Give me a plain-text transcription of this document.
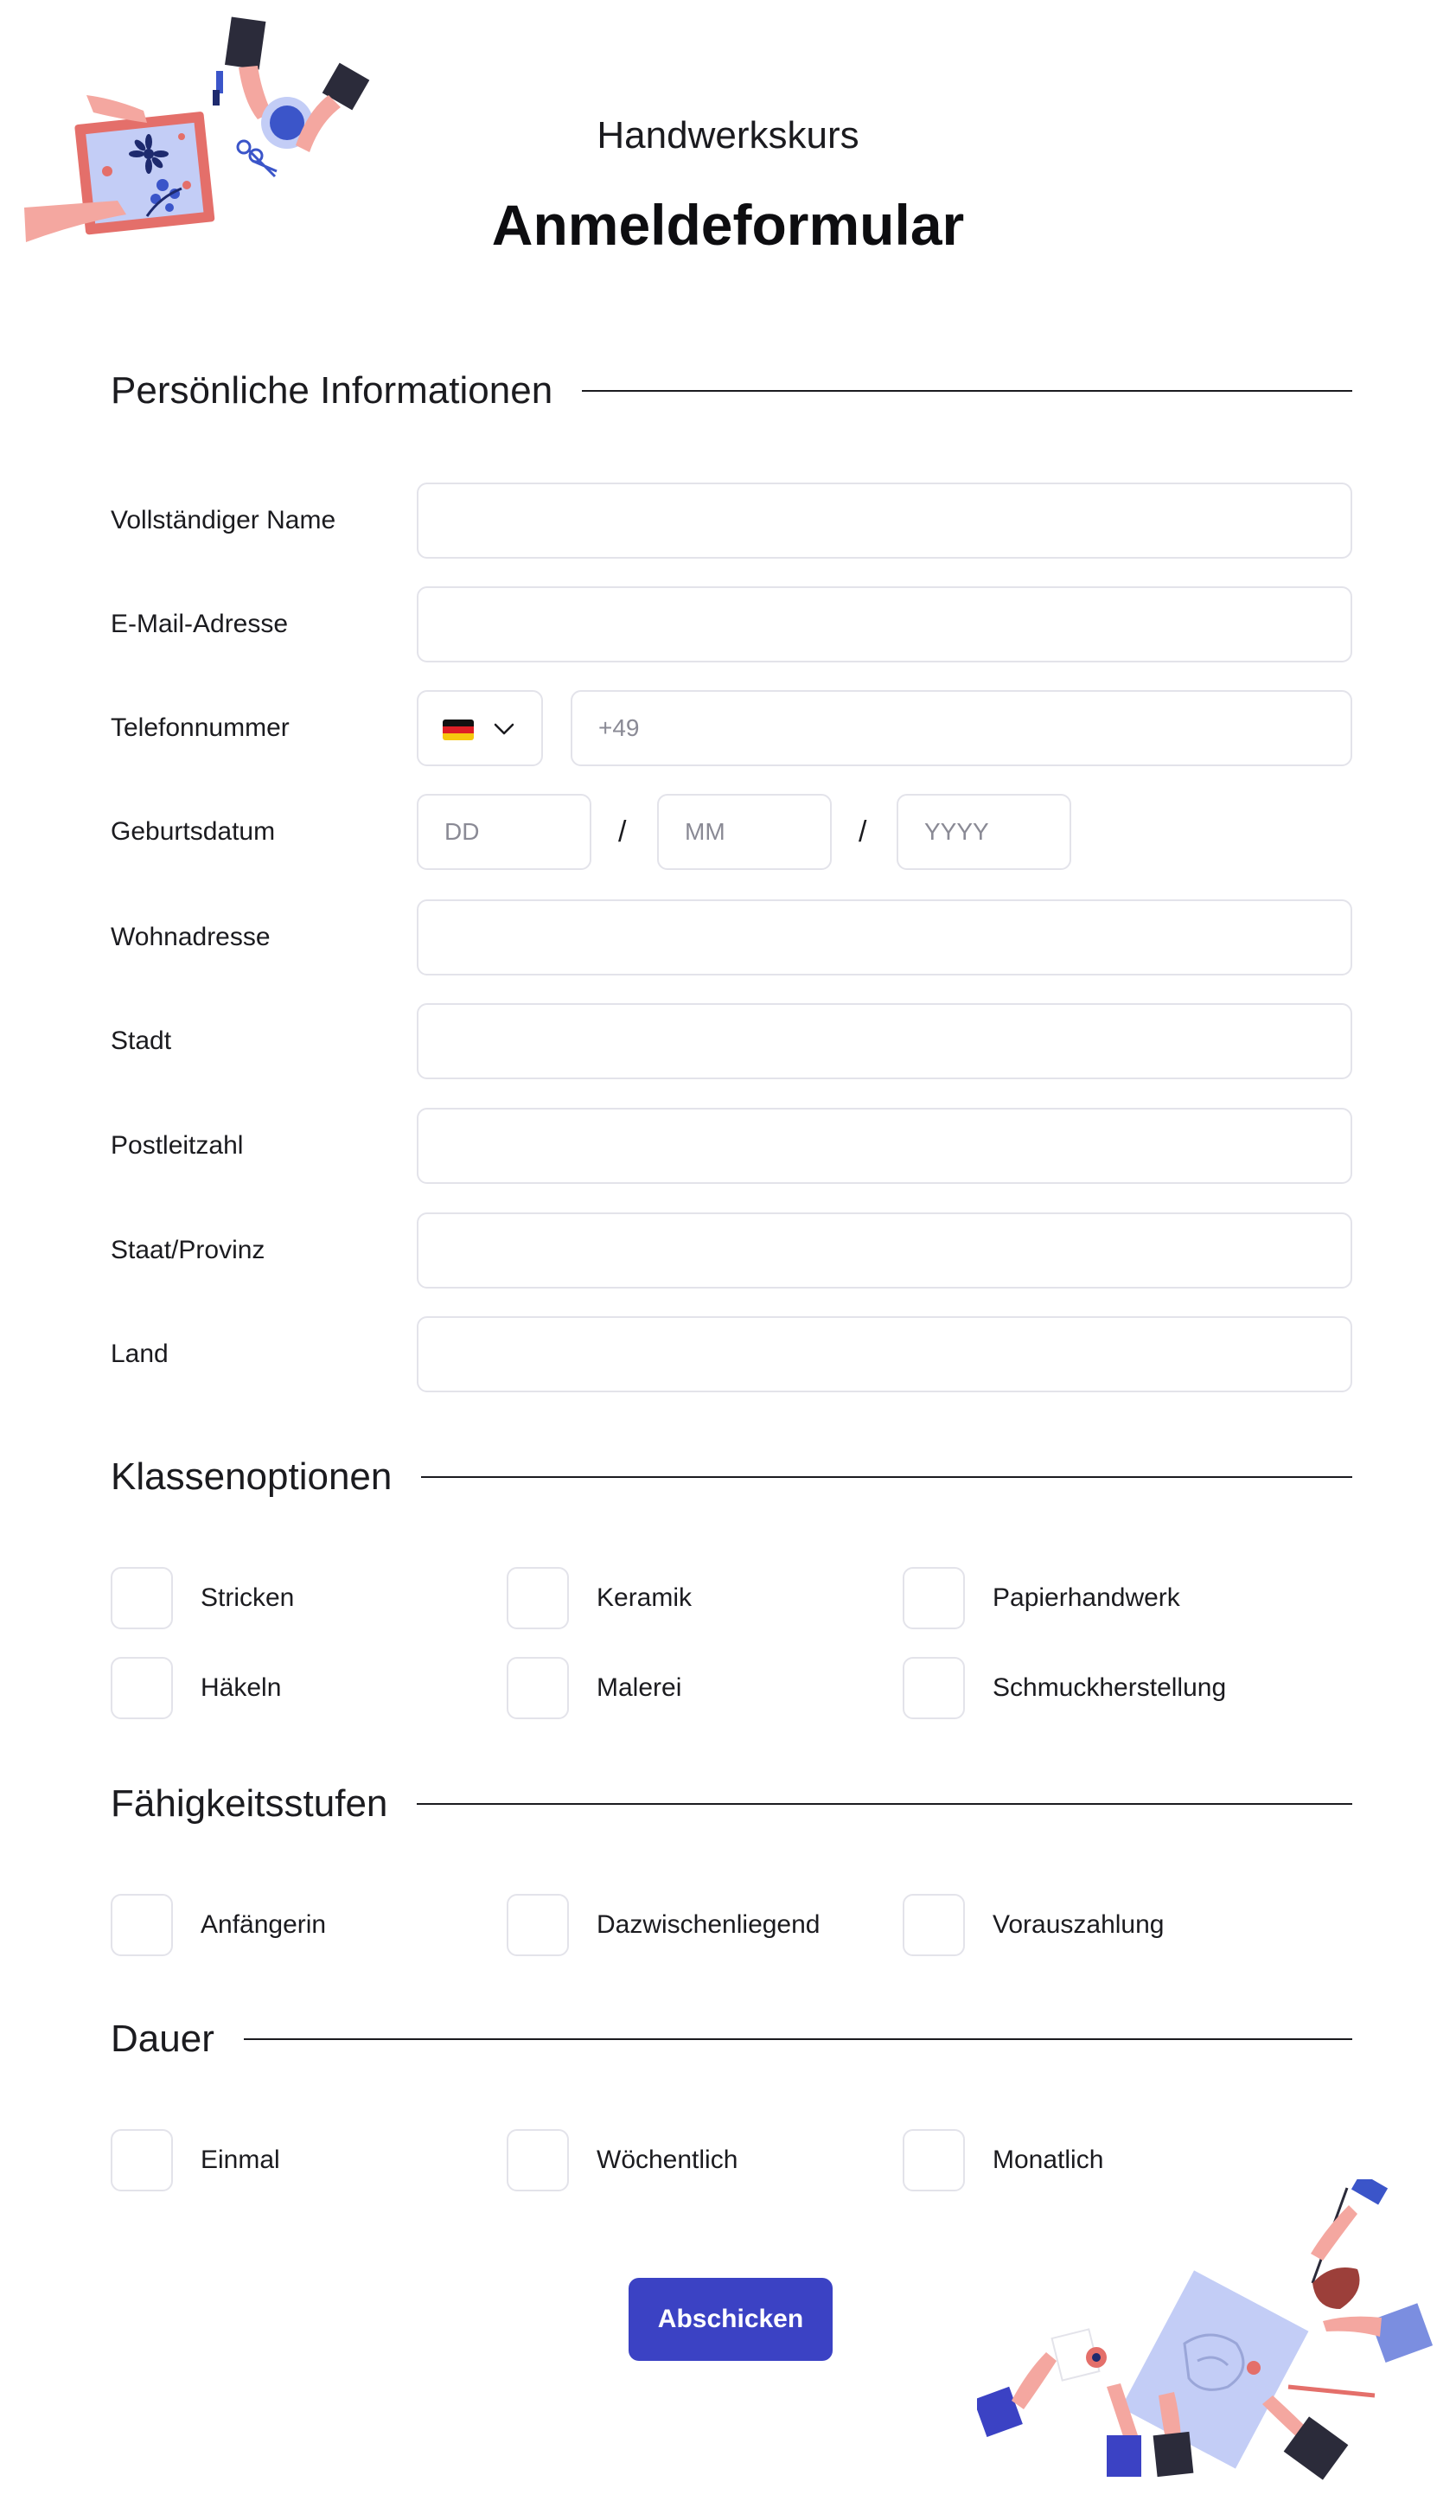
Handwerkskurs
Anmeldeformular
Persönliche Informationen
Vollständiger Name
E-Mail-Adresse
Telefonnummer	+49
Geburtsdatum	DD	/ MM	/ YYYY
Wohnadresse
Stadt
Postleitzahl
Staat/Provinz
Land
Klassenoptionen
Stricken	Keramik	Papierhandwerk
Häkeln	Malerei	Schmuckherstellung
Fähigkeitsstufen
Anfängerin	Dazwischenliegend	Vorauszahlung
Dauer
Einmal	Wöchentlich	Monatlich
Abschicken
